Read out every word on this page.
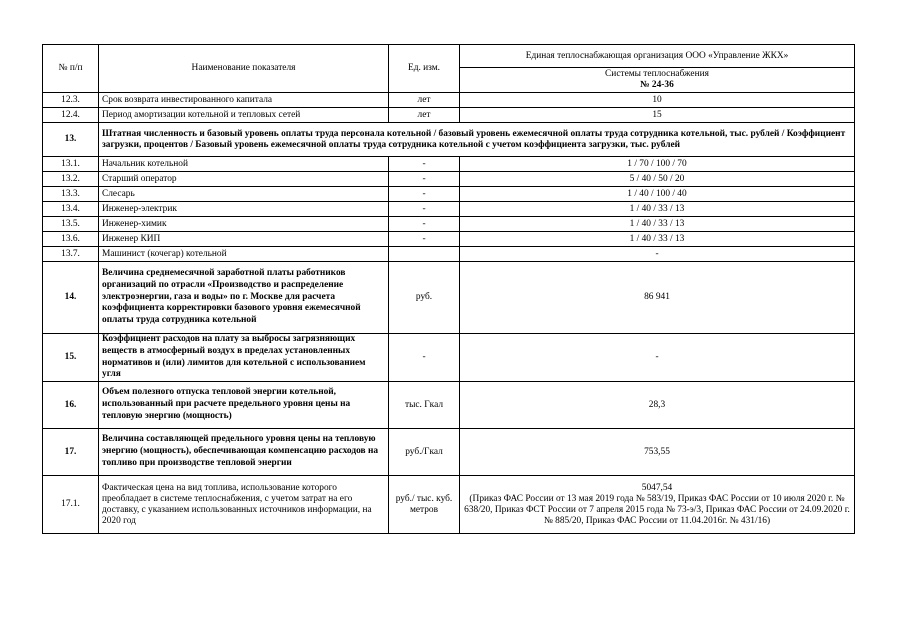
№ п/п	Наименование показателя	Ед. изм.	Единая теплоснабжающая организация ООО «Управление ЖКХ»

			Системы теплоснабжения
№ 24-36

12.3.	Срок возврата инвестированного капитала	лет	10
12.4.	Период амортизации котельной и тепловых сетей	лет	15
13.	Штатная численность и базовый уровень оплаты труда персонала котельной / базовый уровень ежемесячной оплаты труда сотрудника котельной, тыс. рублей / Коэффициент загрузки, процентов / Базовый уровень ежемесячной оплаты труда сотрудника котельной с учетом коэффициента загрузки, тыс. рублей		
13.1.	Начальник котельной	-	1 / 70 / 100 / 70
13.2.	Старший оператор	-	5 / 40 / 50 / 20
13.3.	Слесарь	-	1 / 40 / 100 / 40
13.4.	Инженер-электрик	-	1 / 40 / 33 / 13
13.5.	Инженер-химик	-	1 / 40 / 33 / 13
13.6.	Инженер КИП	-	1 / 40 / 33 / 13
13.7.	Машинист (кочегар) котельной		-
14.	Величина среднемесячной заработной платы работников организаций по отрасли «Производство и распределение электроэнергии, газа и воды» по г. Москве для расчета коэффициента корректировки базового уровня ежемесячной оплаты труда сотрудника котельной	руб.	86 941
15.	Коэффициент расходов на плату за выбросы загрязняющих веществ в атмосферный воздух в пределах установленных нормативов и (или) лимитов для котельной с использованием угля	-	-
16.	Объем полезного отпуска тепловой энергии котельной, использованный при расчете предельного уровня цены на тепловую энергию (мощность)	тыс. Гкал	28,3
17.	Величина составляющей предельного уровня цены на тепловую энергию (мощность), обеспечивающая компенсацию расходов на топливо при производстве тепловой энергии	руб./Гкал	753,55
17.1.	Фактическая цена на вид топлива, использование которого преобладает в системе теплоснабжения, с учетом затрат на его доставку, с указанием использованных источников информации, на 2020 год	руб./ тыс. куб. метров	5047,54
(Приказ ФАС России от 13 мая 2019 года № 583/19, Приказ ФАС России от 10 июля 2020 г. № 638/20, Приказ ФСТ России от 7 апреля 2015 года № 73-э/3, Приказ ФАС России от 24.09.2020 г. № 885/20, Приказ ФАС России от 11.04.2016г. № 431/16)
